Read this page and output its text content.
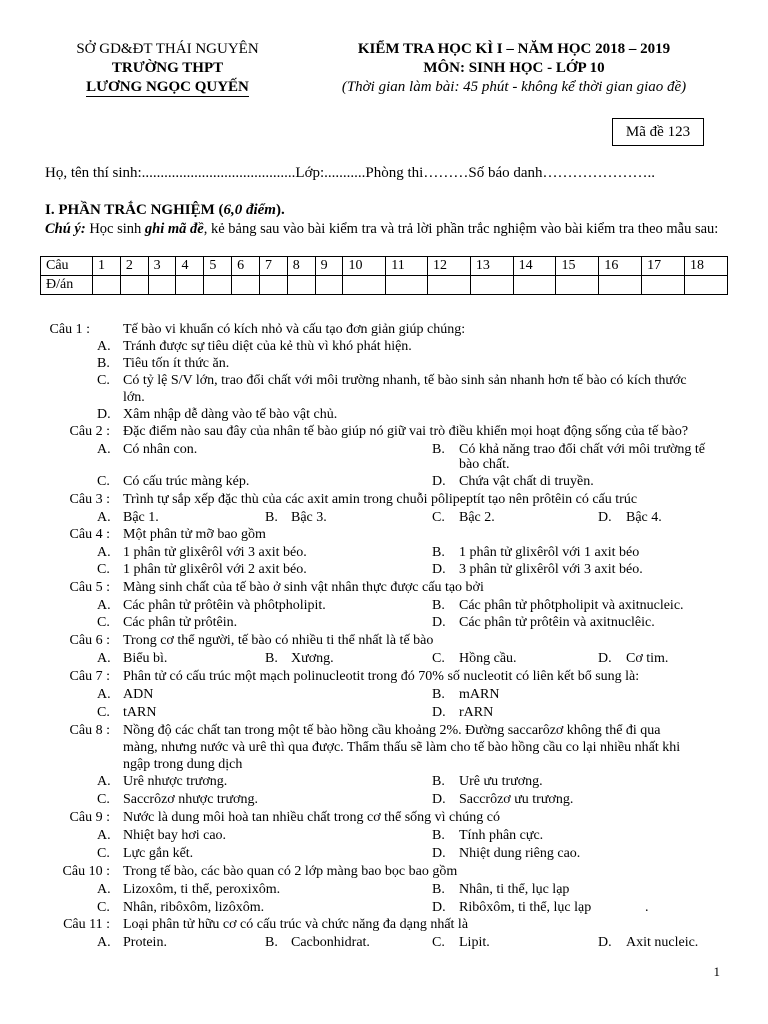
SỞ GD&ĐT THÁI NGUYÊN
TRƯỜNG THPT
LƯƠNG NGỌC QUYẾN
KIỂM TRA HỌC KÌ I – NĂM HỌC 2018 – 2019
MÔN: SINH HỌC - LỚP 10
(Thời gian làm bài: 45 phút - không kể thời gian giao đề)
Mã đề 123
Họ, tên thí sinh:.........................................Lớp:...........Phòng thi………Số báo danh…………………..
I. PHẦN TRẮC NGHIỆM (6,0 điểm).
Chú ý: Học sinh ghi mã đề, kẻ bảng sau vào bài kiểm tra và trả lời phần trắc nghiệm vào bài kiểm tra theo mẫu sau:
Câu	1	2	3	4	5	6	7	8	9	10	11	12	13	14	15	16	17	18
Đ/án																		
Câu 1 : Tế bào vi khuẩn có kích nhỏ và cấu tạo đơn giản giúp chúng:
A. Tránh được sự tiêu diệt của kẻ thù vì khó phát hiện.
B. Tiêu tốn ít thức ăn.
C. Có tỷ lệ S/V lớn, trao đổi chất với môi trường nhanh, tế bào sinh sản nhanh hơn tế bào có kích thước
lớn.
D. Xâm nhập dễ dàng vào tế bào vật chủ.
Câu 2 : Đặc điểm nào sau đây của nhân tế bào giúp nó giữ vai trò điều khiển mọi hoạt động sống của tế bào?
A. Có nhân con.	B. Có khả năng trao đổi chất với môi trường tế
bào chất.
C. Có cấu trúc màng kép.	D. Chứa vật chất di truyền.
Câu 3 : Trình tự sắp xếp đặc thù của các axit amin trong chuỗi pôlipeptít tạo nên prôtêin có cấu trúc
A. Bậc 1.	B. Bậc 3.	C. Bậc 2.	D. Bậc 4.
Câu 4 : Một phân tử mỡ bao gồm
A. 1 phân tử glixêrôl với 3 axit béo.	B. 1 phân tử glixêrôl với 1 axit béo
C. 1 phân tử glixêrôl với 2 axit béo.	D. 3 phân tử glixêrôl với 3 axit béo.
Câu 5 : Màng sinh chất của tế bào ở sinh vật nhân thực được cấu tạo bởi
A. Các phân tử prôtêin và phôtpholipit.	B. Các phân tử phôtpholipit và axitnucleic.
C. Các phân tử prôtêin.	D. Các phân tử prôtêin và axitnuclêic.
Câu 6 : Trong cơ thể người, tế bào có nhiều ti thể nhất là tế bào
A. Biểu bì.	B. Xương.	C. Hồng cầu.	D. Cơ tim.
Câu 7 : Phân tử có cấu trúc một mạch polinucleotit trong đó 70% số nucleotit có liên kết bổ sung là:
A. ADN	B. mARN
C. tARN	D. rARN
Câu 8 : Nồng độ các chất tan trong một tế bào hồng cầu khoảng 2%. Đường saccarôzơ không thể đi qua
màng, nhưng nước và urê thì qua được. Thẩm thấu sẽ làm cho tế bào hồng cầu co lại nhiều nhất khi
ngập trong dung dịch
A. Urê nhược trương.	B. Urê ưu trương.
C. Saccrôzơ nhược trương.	D. Saccrôzơ ưu trương.
Câu 9 : Nước là dung môi hoà tan nhiều chất trong cơ thể sống vì chúng có
A. Nhiệt bay hơi cao.	B. Tính phân cực.
C. Lực gắn kết.	D. Nhiệt dung riêng cao.
Câu 10 : Trong tế bào, các bào quan có 2 lớp màng bao bọc bao gồm
A. Lizoxôm, ti thể, peroxixôm.	B. Nhân, ti thể, lục lạp
C. Nhân, ribôxôm, lizôxôm.	D. Ribôxôm, ti thể, lục lạp	.
Câu 11 : Loại phân tử hữu cơ có cấu trúc và chức năng đa dạng nhất là
A. Protein.	B. Cacbonhidrat.	C. Lipit.	D. Axit nucleic.
1
